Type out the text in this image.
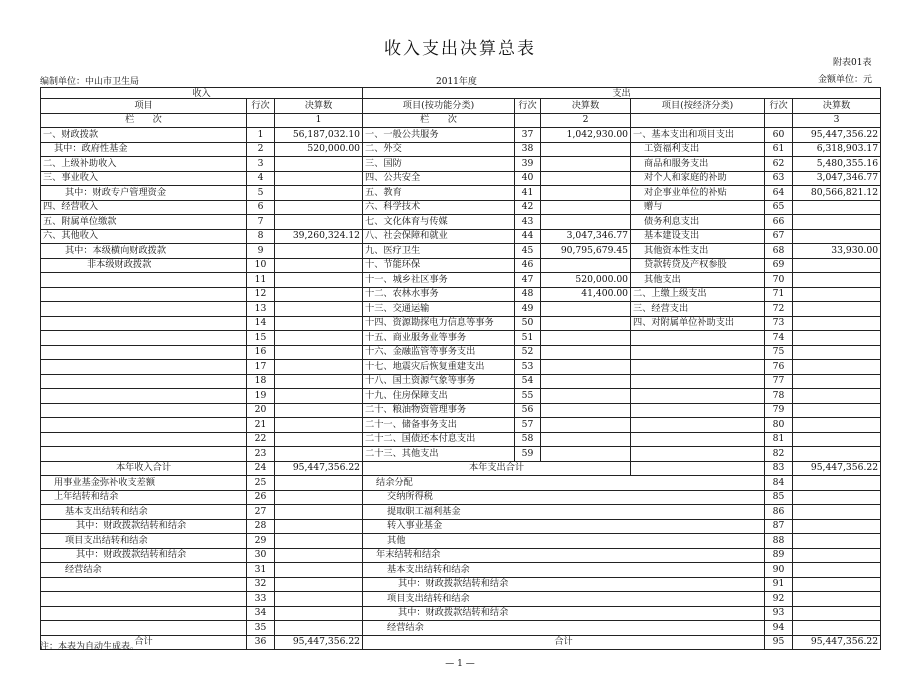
收入支出决算总表
附表01表
编制单位：中山市卫生局	2011年度	金额单位：元
收入			支出					
项目	行次	决算数	项目(按功能分类)	行次	决算数	项目(按经济分类)	行次	决算数
栏　　次		1	栏　　次		2			3
一、财政拨款	1	56,187,032.10	一、一般公共服务	37	1,042,930.00	一、基本支出和项目支出	60	95,447,356.22
其中：政府性基金	2	520,000.00	二、外交	38		工资福利支出	61	6,318,903.17
二、上级补助收入	3		三、国防	39		商品和服务支出	62	5,480,355.16
三、事业收入	4		四、公共安全	40		对个人和家庭的补助	63	3,047,346.77
其中：财政专户管理资金	5		五、教育	41		对企事业单位的补贴	64	80,566,821.12
四、经营收入	6		六、科学技术	42		赠与	65	
五、附属单位缴款	7		七、文化体育与传媒	43		债务利息支出	66	
六、其他收入	8	39,260,324.12	八、社会保障和就业	44	3,047,346.77	基本建设支出	67	
其中：本级横向财政拨款	9		九、医疗卫生	45	90,795,679.45	其他资本性支出	68	33,930.00
非本级财政拨款	10		十、节能环保	46		贷款转贷及产权参股	69	
	11		十一、城乡社区事务	47	520,000.00	其他支出	70	
	12		十二、农林水事务	48	41,400.00	二、上缴上级支出	71	
	13		十三、交通运输	49		三、经营支出	72	
	14		十四、资源勘探电力信息等事务	50		四、对附属单位补助支出	73	
	15		十五、商业服务业等事务	51			74	
	16		十六、金融监管等事务支出	52			75	
	17		十七、地震灾后恢复重建支出	53			76	
	18		十八、国土资源气象等事务	54			77	
	19		十九、住房保障支出	55			78	
	20		二十、粮油物资管理事务	56			79	
	21		二十一、储备事务支出	57			80	
	22		二十二、国债还本付息支出	58			81	
	23		二十三、其他支出	59			82	
本年收入合计	24	95,447,356.22	本年支出合计				83	95,447,356.22
用事业基金弥补收支差额	25		结余分配				84	
上年结转和结余	26		交纳所得税				85	
基本支出结转和结余	27		提取职工福利基金				86	
其中：财政拨款结转和结余	28		转入事业基金				87	
项目支出结转和结余	29		其他				88	
其中：财政拨款结转和结余	30		年末结转和结余				89	
经营结余	31		基本支出结转和结余				90	
	32		其中：财政拨款结转和结余				91	
	33		项目支出结转和结余				92	
	34		其中：财政拨款结转和结余				93	
	35		经营结余				94	
合计	36	95,447,356.22	合计				95	95,447,356.22
注：本表为自动生成表。
— 1 —
